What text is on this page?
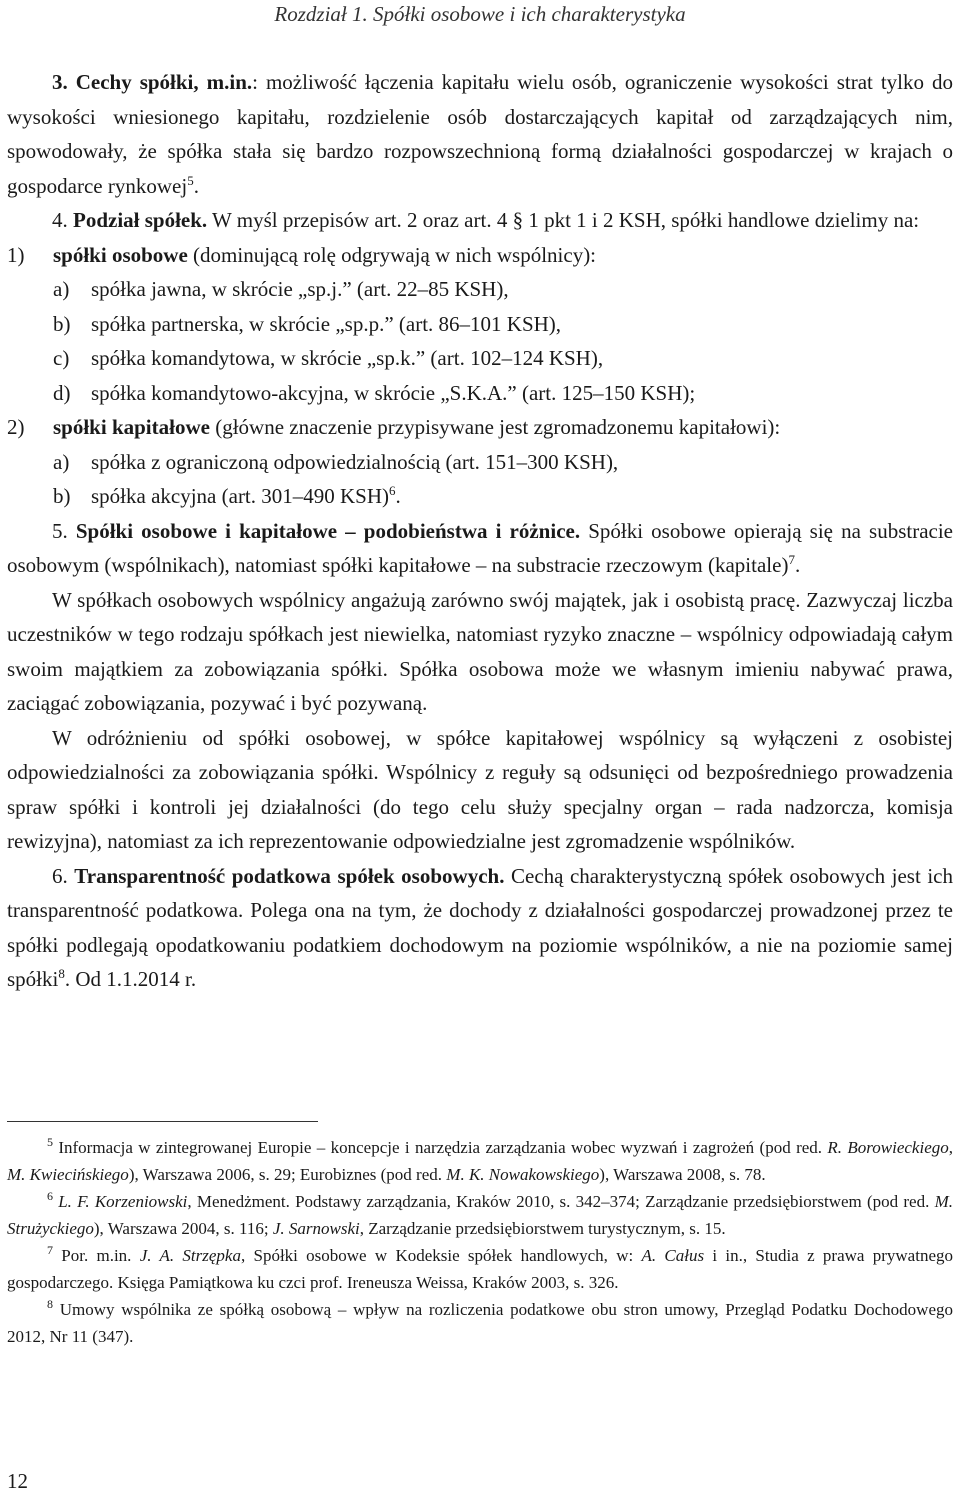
Rozdział 1. Spółki osobowe i ich charakterystyka

3. Cechy spółki, m.in.: możliwość łączenia kapitału wielu osób, ograniczenie wysokości strat tylko do wysokości wniesionego kapitału, rozdzielenie osób dostarczających kapitał od zarządzających nim, spowodowały, że spółka stała się bardzo rozpowszechnioną formą działalności gospodarczej w krajach o gospodarce rynkowej$^5$.

4. Podział spółek. W myśl przepisów art. 2 oraz art. 4 § 1 pkt 1 i 2 KSH, spółki handlowe dzielimy na:

1) spółki osobowe (dominującą rolę odgrywają w nich wspólnicy):
a)	spółka jawna, w skrócie „sp.j.” (art. 22–85 KSH),
b) spółka partnerska, w skrócie „sp.p.” (art. 86–101 KSH),
c)	spółka komandytowa, w skrócie „sp.k.” (art. 102–124 KSH),
d) spółka komandytowo-akcyjna, w skrócie „S.K.A.” (art. 125–150 KSH);
2) spółki kapitałowe (główne znaczenie przypisywane jest zgromadzonemu kapitałowi):
a)	spółka z ograniczoną odpowiedzialnością (art. 151–300 KSH),
b) spółka akcyjna (art. 301–490 KSH)$^6$.

5. Spółki osobowe i kapitałowe – podobieństwa i różnice. Spółki osobowe opierają się na substracie osobowym (wspólnikach), natomiast spółki kapitałowe – na substracie rzeczowym (kapitale)$^7$.

W spółkach osobowych wspólnicy angażują zarówno swój majątek, jak i osobistą pracę. Zazwyczaj liczba uczestników w tego rodzaju spółkach jest niewielka, natomiast ryzyko znaczne – wspólnicy odpowiadają całym swoim majątkiem za zobowiązania spółki. Spółka osobowa może we własnym imieniu nabywać prawa, zaciągać zobowiązania, pozywać i być pozywaną.

W odróżnieniu od spółki osobowej, w spółce kapitałowej wspólnicy są wyłączeni z osobistej odpowiedzialności za zobowiązania spółki. Wspólnicy z reguły są odsunięci od bezpośredniego prowadzenia spraw spółki i kontroli jej działalności (do tego celu służy specjalny organ – rada nadzorcza, komisja rewizyjna), natomiast za ich reprezentowanie odpowiedzialne jest zgromadzenie wspólników.

6. Transparentność podatkowa spółek osobowych. Cechą charakterystyczną spółek osobowych jest ich transparentność podatkowa. Polega ona na tym, że dochody z działalności gospodarczej prowadzonej przez te spółki podlegają opodatkowaniu podatkiem dochodowym na poziomie wspólników, a nie na poziomie samej spółki$^8$. Od 1.1.2014 r.

$^5$ Informacja w zintegrowanej Europie – koncepcje i narzędzia zarządzania wobec wyzwań i zagrożeń (pod red. R. Borowieckiego, M. Kwiecińskiego), Warszawa 2006, s. 29; Eurobiznes (pod red. M. K. Nowakowskiego), Warszawa 2008, s. 78.

$^6$ L. F. Korzeniowski, Menedżment. Podstawy zarządzania, Kraków 2010, s. 342–374; Zarządzanie przedsiębiorstwem (pod red. M. Strużyckiego), Warszawa 2004, s. 116; J. Sarnowski, Zarządzanie przedsiębiorstwem turystycznym, s. 15.

$^7$ Por. m.in. J. A. Strzępka, Spółki osobowe w Kodeksie spółek handlowych, w: A. Całus i in., Studia z prawa prywatnego gospodarczego. Księga Pamiątkowa ku czci prof. Ireneusza Weissa, Kraków 2003, s. 326.

$^8$ Umowy wspólnika ze spółką osobową – wpływ na rozliczenia podatkowe obu stron umowy, Przegląd Podatku Dochodowego 2012, Nr 11 (347).

12
